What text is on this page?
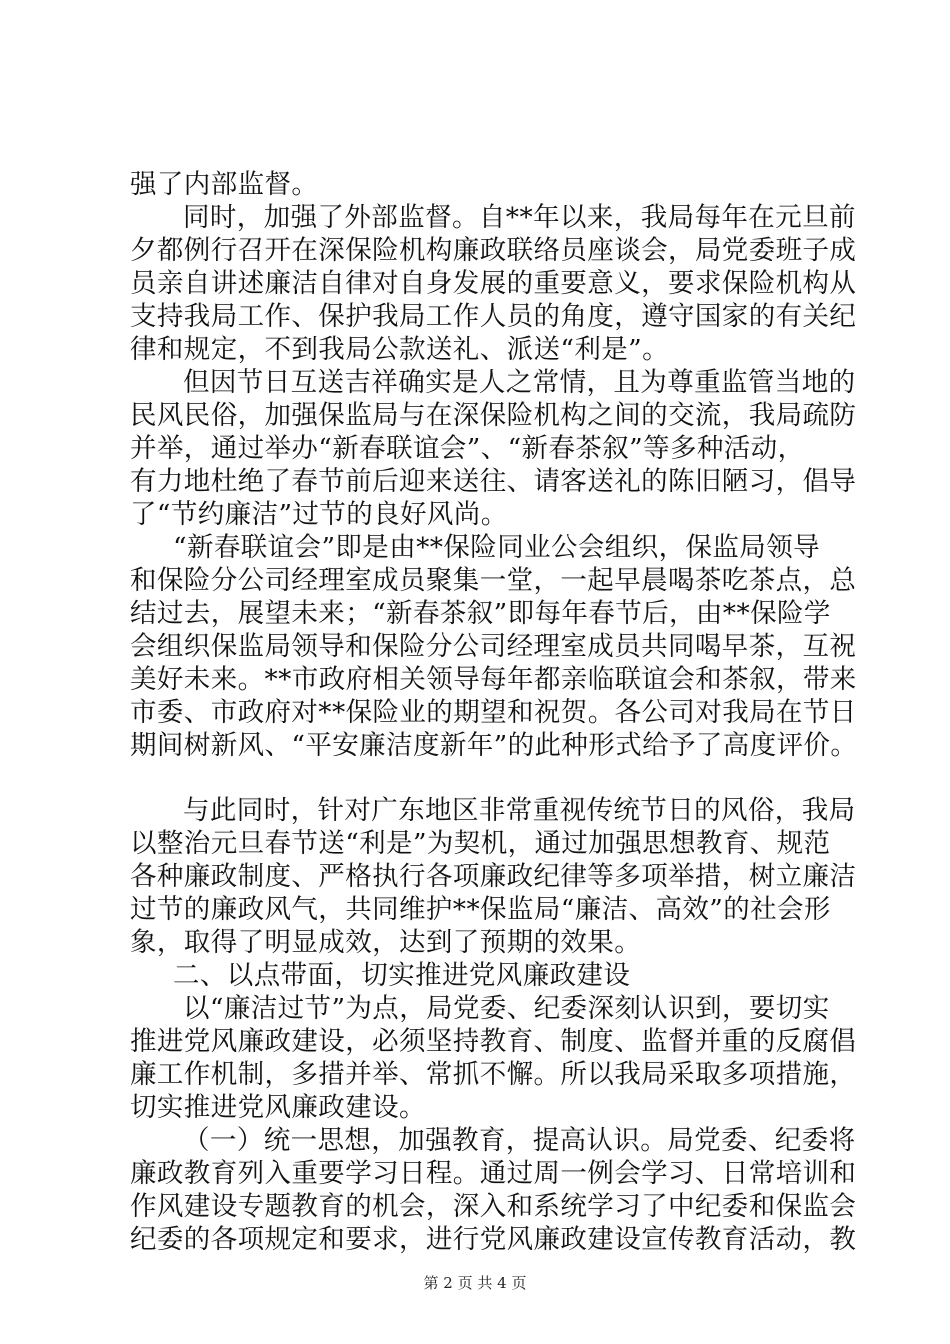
强了内部监督。
同时，加强了外部监督。自**年以来，我局每年在元旦前
夕都例行召开在深保险机构廉政联络员座谈会，局党委班子成
员亲自讲述廉洁自律对自身发展的重要意义，要求保险机构从
支持我局工作、保护我局工作人员的角度，遵守国家的有关纪
律和规定，不到我局公款送礼、派送“利是”。
但因节日互送吉祥确实是人之常情，且为尊重监管当地的
民风民俗，加强保监局与在深保险机构之间的交流，我局疏防
并举，通过举办“新春联谊会”、“新春茶叙”等多种活动，
有力地杜绝了春节前后迎来送往、请客送礼的陈旧陋习，倡导
了“节约廉洁”过节的良好风尚。
“新春联谊会”即是由**保险同业公会组织，保监局领导
和保险分公司经理室成员聚集一堂，一起早晨喝茶吃茶点，总
结过去，展望未来；“新春茶叙”即每年春节后，由**保险学
会组织保监局领导和保险分公司经理室成员共同喝早茶，互祝
美好未来。**市政府相关领导每年都亲临联谊会和茶叙，带来
市委、市政府对**保险业的期望和祝贺。各公司对我局在节日
期间树新风、“平安廉洁度新年”的此种形式给予了高度评价。
与此同时，针对广东地区非常重视传统节日的风俗，我局
以整治元旦春节送“利是”为契机，通过加强思想教育、规范
各种廉政制度、严格执行各项廉政纪律等多项举措，树立廉洁
过节的廉政风气，共同维护**保监局“廉洁、高效”的社会形
象，取得了明显成效，达到了预期的效果。
二、以点带面，切实推进党风廉政建设
以“廉洁过节”为点，局党委、纪委深刻认识到，要切实
推进党风廉政建设，必须坚持教育、制度、监督并重的反腐倡
廉工作机制，多措并举、常抓不懈。所以我局采取多项措施，
切实推进党风廉政建设。
（一）统一思想，加强教育，提高认识。局党委、纪委将
廉政教育列入重要学习日程。通过周一例会学习、日常培训和
作风建设专题教育的机会，深入和系统学习了中纪委和保监会
纪委的各项规定和要求，进行党风廉政建设宣传教育活动，教
第 2 页 共 4 页
